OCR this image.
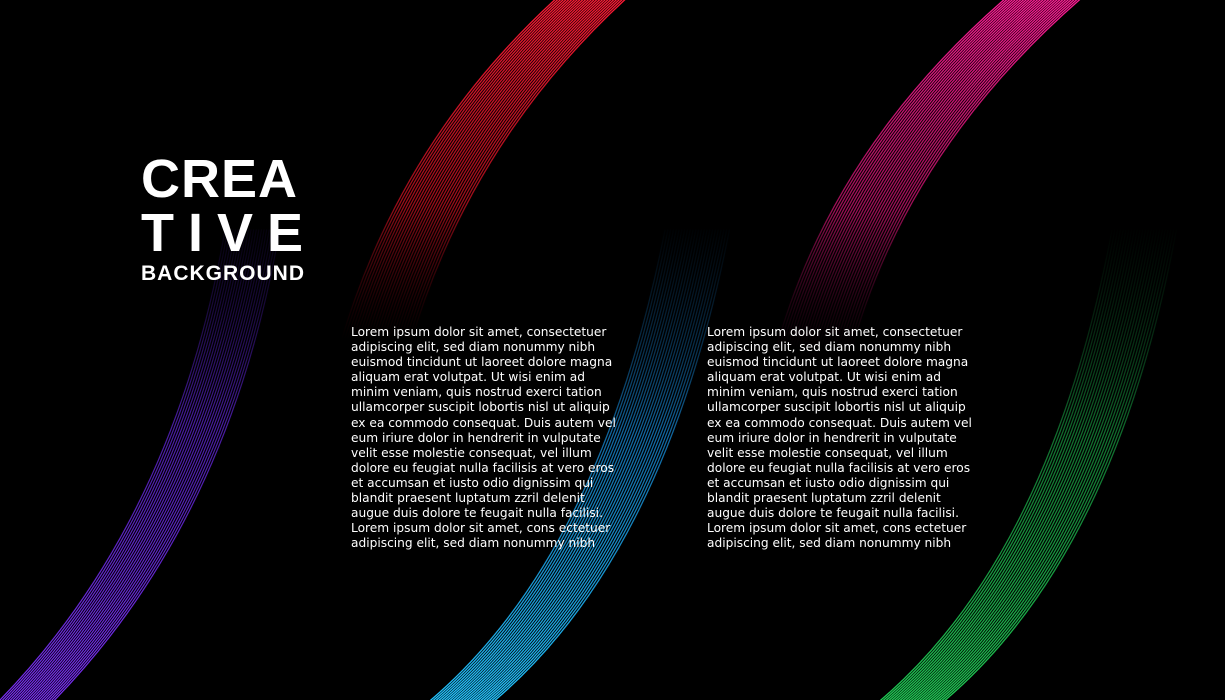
CREA
TIVE
BACKGROUND
Lorem ipsum dolor sit amet, consectetuer
adipiscing elit, sed diam nonummy nibh
euismod tincidunt ut laoreet dolore magna
aliquam erat volutpat. Ut wisi enim ad
minim veniam, quis nostrud exerci tation
ullamcorper suscipit lobortis nisl ut aliquip
ex ea commodo consequat. Duis autem vel
eum iriure dolor in hendrerit in vulputate
velit esse molestie consequat, vel illum
dolore eu feugiat nulla facilisis at vero eros
et accumsan et iusto odio dignissim qui
blandit praesent luptatum zzril delenit
augue duis dolore te feugait nulla facilisi.
Lorem ipsum dolor sit amet, cons ectetuer
adipiscing elit, sed diam nonummy nibh
Lorem ipsum dolor sit amet, consectetuer
adipiscing elit, sed diam nonummy nibh
euismod tincidunt ut laoreet dolore magna
aliquam erat volutpat. Ut wisi enim ad
minim veniam, quis nostrud exerci tation
ullamcorper suscipit lobortis nisl ut aliquip
ex ea commodo consequat. Duis autem vel
eum iriure dolor in hendrerit in vulputate
velit esse molestie consequat, vel illum
dolore eu feugiat nulla facilisis at vero eros
et accumsan et iusto odio dignissim qui
blandit praesent luptatum zzril delenit
augue duis dolore te feugait nulla facilisi.
Lorem ipsum dolor sit amet, cons ectetuer
adipiscing elit, sed diam nonummy nibh
